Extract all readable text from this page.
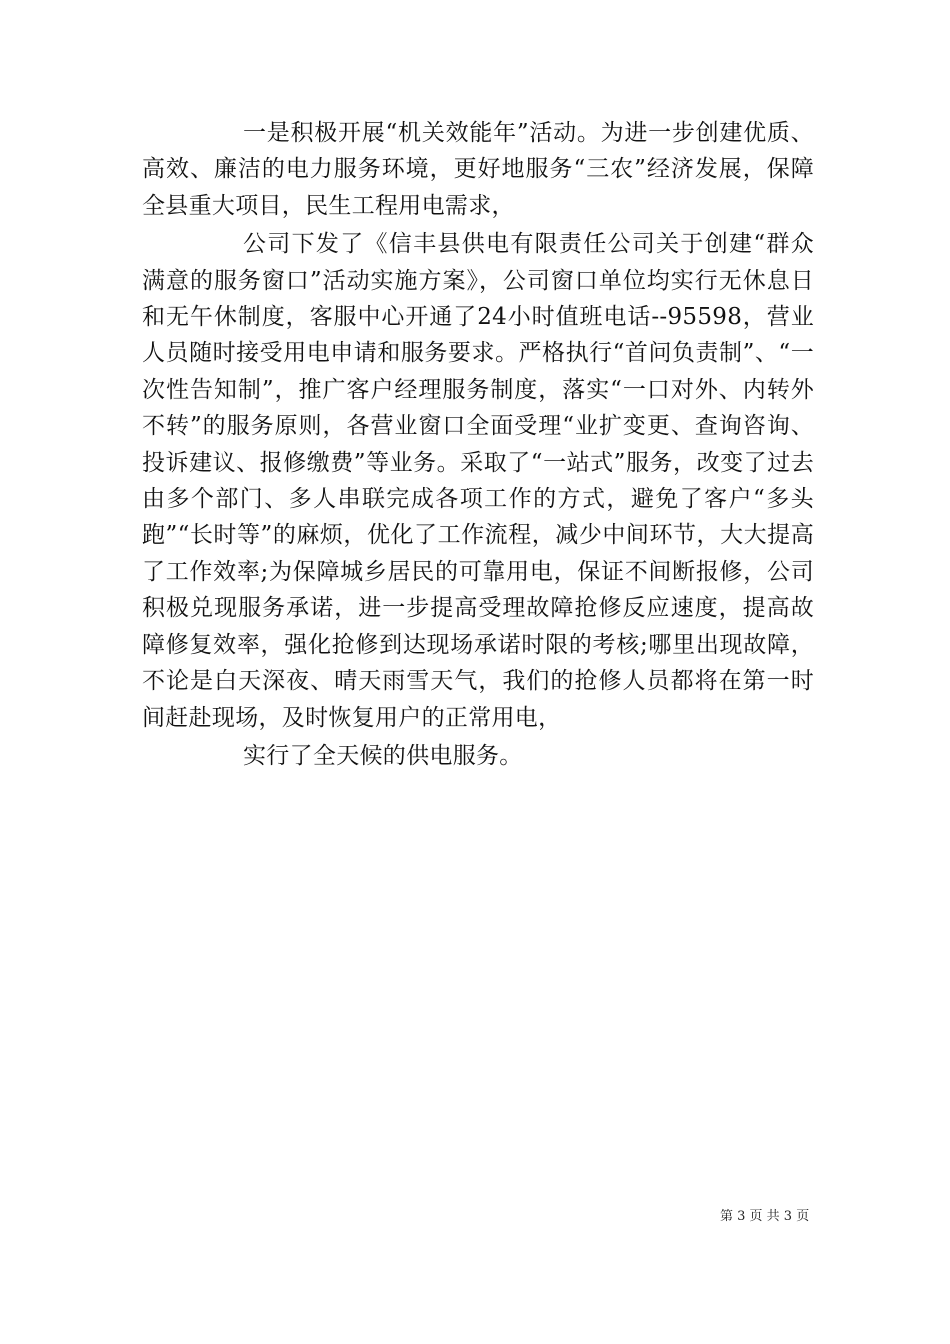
一是积极开展“机关效能年”活动。为进一步创建优质、高效、廉洁的电力服务环境，更好地服务“三农”经济发展，保障全县重大项目，民生工程用电需求，

公司下发了《信丰县供电有限责任公司关于创建“群众满意的服务窗口”活动实施方案》，公司窗口单位均实行无休息日和无午休制度，客服中心开通了24小时值班电话--95598，营业人员随时接受用电申请和服务要求。严格执行“首问负责制”、“一次性告知制”，推广客户经理服务制度，落实“一口对外、内转外不转”的服务原则，各营业窗口全面受理“业扩变更、查询咨询、投诉建议、报修缴费”等业务。采取了“一站式”服务，改变了过去由多个部门、多人串联完成各项工作的方式，避免了客户“多头跑”“长时等”的麻烦，优化了工作流程，减少中间环节，大大提高了工作效率;为保障城乡居民的可靠用电，保证不间断报修，公司积极兑现服务承诺，进一步提高受理故障抢修反应速度，提高故障修复效率，强化抢修到达现场承诺时限的考核;哪里出现故障，不论是白天深夜、晴天雨雪天气，我们的抢修人员都将在第一时间赶赴现场，及时恢复用户的正常用电，

实行了全天候的供电服务。

第 3 页 共 3 页
